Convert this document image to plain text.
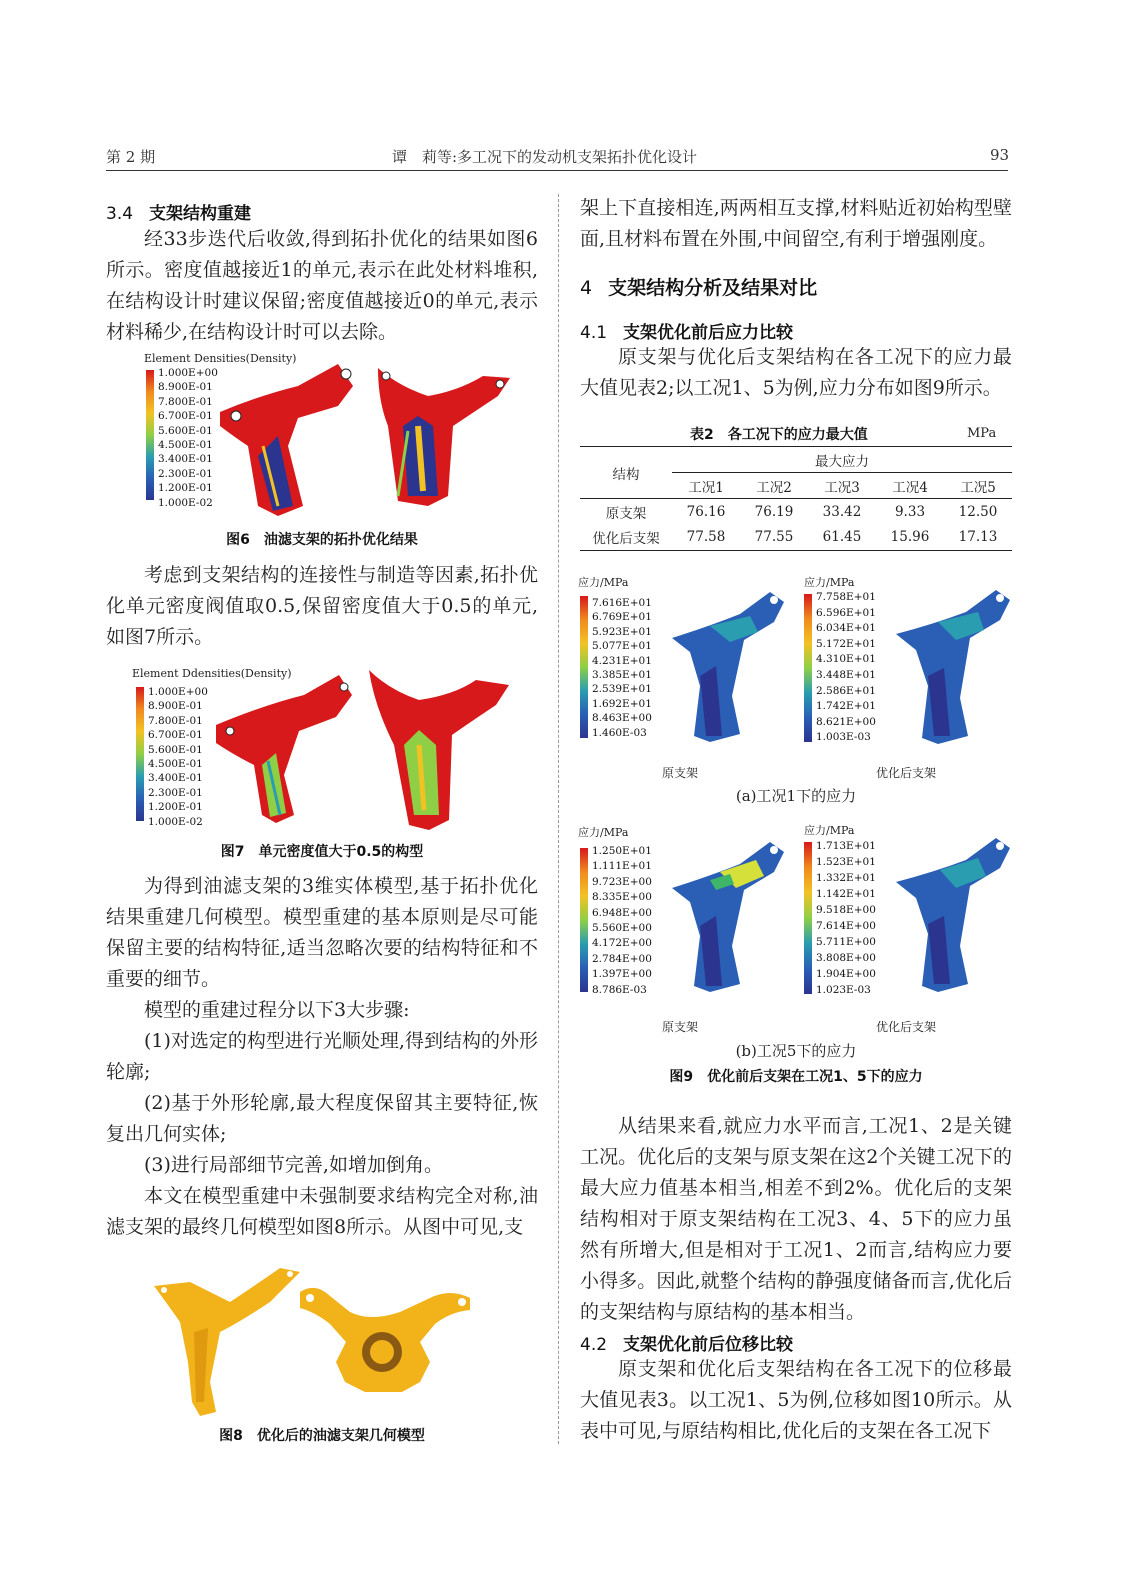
第 2 期	谭　莉等:多工况下的发动机支架拓扑优化设计	93
3.4 支架结构重建

经33步迭代后收敛,得到拓扑优化的结果如图6所示。密度值越接近1的单元,表示在此处材料堆积,在结构设计时建议保留;密度值越接近0的单元,表示材料稀少,在结构设计时可以去除。

Element Densities(Density)
1.000E+00
8.900E-01
7.800E-01
6.700E-01
5.600E-01
4.500E-01
3.400E-01
2.300E-01
1.200E-01
1.000E-02
图6　油滤支架的拓扑优化结果

考虑到支架结构的连接性与制造等因素,拓扑优化单元密度阀值取0.5,保留密度值大于0.5的单元,如图7所示。

Element Ddensities(Density)
1.000E+00
8.900E-01
7.800E-01
6.700E-01
5.600E-01
4.500E-01
3.400E-01
2.300E-01
1.200E-01
1.000E-02
图7　单元密度值大于0.5的构型

为得到油滤支架的3维实体模型,基于拓扑优化结果重建几何模型。模型重建的基本原则是尽可能保留主要的结构特征,适当忽略次要的结构特征和不重要的细节。

模型的重建过程分以下3大步骤:

(1)对选定的构型进行光顺处理,得到结构的外形轮廓;

(2)基于外形轮廓,最大程度保留其主要特征,恢复出几何实体;

(3)进行局部细节完善,如增加倒角。

本文在模型重建中未强制要求结构完全对称,油滤支架的最终几何模型如图8所示。从图中可见,支

图8　优化后的油滤支架几何模型

架上下直接相连,两两相互支撑,材料贴近初始构型壁面,且材料布置在外围,中间留空,有利于增强刚度。

4 支架结构分析及结果对比
4.1 支架优化前后应力比较

原支架与优化后支架结构在各工况下的应力最大值见表2;以工况1、5为例,应力分布如图9所示。

表2　各工况下的应力最大值	MPa
结构	最大应力				
	工况1	工况2	工况3	工况4	工况5
原支架	76.16	76.19	33.42	9.33	12.50
优化后支架	77.58	77.55	61.45	15.96	17.13
应力/MPa
7.616E+01
6.769E+01
5.923E+01
5.077E+01
4.231E+01
3.385E+01
2.539E+01
1.692E+01
8.463E+00
1.460E-03
应力/MPa
7.758E+01
6.596E+01
6.034E+01
5.172E+01
4.310E+01
3.448E+01
2.586E+01
1.742E+01
8.621E+00
1.003E-03
原支架	优化后支架
(a)工况1下的应力
应力/MPa
1.250E+01
1.111E+01
9.723E+00
8.335E+00
6.948E+00
5.560E+00
4.172E+00
2.784E+00
1.397E+00
8.786E-03
应力/MPa
1.713E+01
1.523E+01
1.332E+01
1.142E+01
9.518E+00
7.614E+00
5.711E+00
3.808E+00
1.904E+00
1.023E-03
原支架	优化后支架
(b)工况5下的应力
图9　优化前后支架在工况1、5下的应力

从结果来看,就应力水平而言,工况1、2是关键工况。优化后的支架与原支架在这2个关键工况下的最大应力值基本相当,相差不到2%。优化后的支架结构相对于原支架结构在工况3、4、5下的应力虽然有所增大,但是相对于工况1、2而言,结构应力要小得多。因此,就整个结构的静强度储备而言,优化后的支架结构与原结构的基本相当。

4.2 支架优化前后位移比较

原支架和优化后支架结构在各工况下的位移最大值见表3。以工况1、5为例,位移如图10所示。从表中可见,与原结构相比,优化后的支架在各工况下
